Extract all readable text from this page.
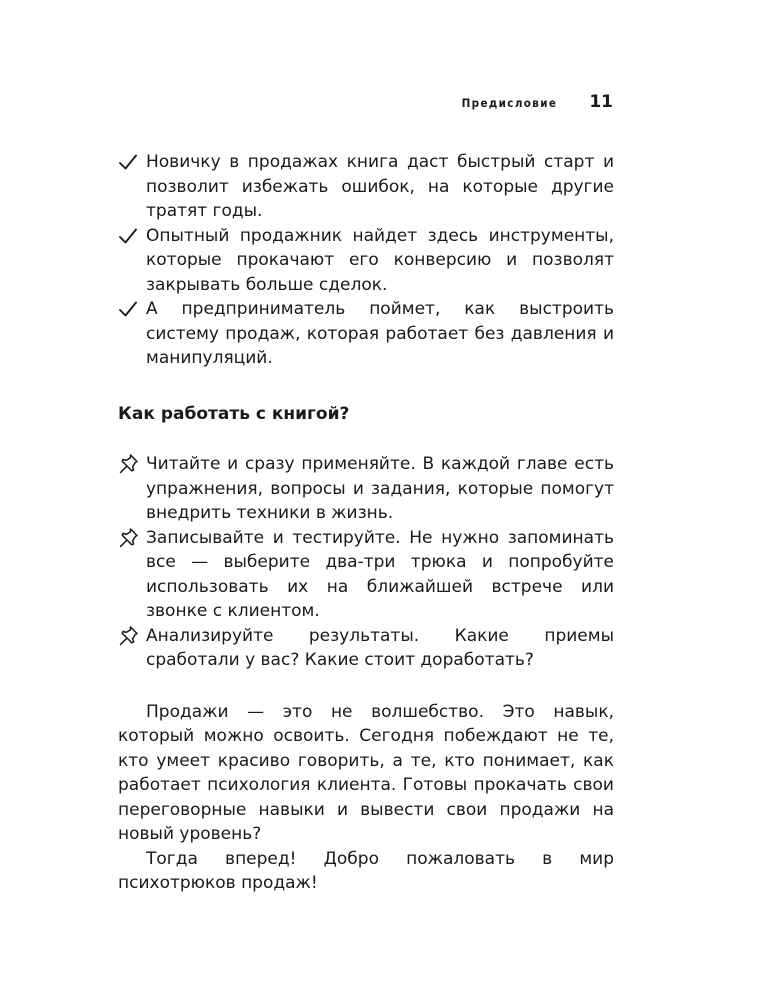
Предисловие 11
Новичку в продажах книга даст быстрый старт и позволит избежать ошибок, на которые другие тратят годы.
Опытный продажник найдет здесь инструменты, которые прокачают его конверсию и позволят закрывать больше сделок.
А предприниматель поймет, как выстроить систему продаж, которая работает без давления и манипуляций.
Как работать с книгой?
Читайте и сразу применяйте. В каждой главе есть упражнения, вопросы и задания, которые помогут внедрить техники в жизнь.
Записывайте и тестируйте. Не нужно запоминать все — выберите два-три трюка и попробуйте использовать их на ближайшей встрече или звонке с клиентом.
Анализируйте результаты. Какие приемы сработали у вас? Какие стоит доработать?

Продажи — это не волшебство. Это навык, который можно освоить. Сегодня побеждают не те, кто умеет красиво говорить, а те, кто понимает, как работает психология клиента. Готовы прокачать свои переговорные навыки и вывести свои продажи на новый уровень?

Тогда вперед! Добро пожаловать в мир психотрюков продаж!
